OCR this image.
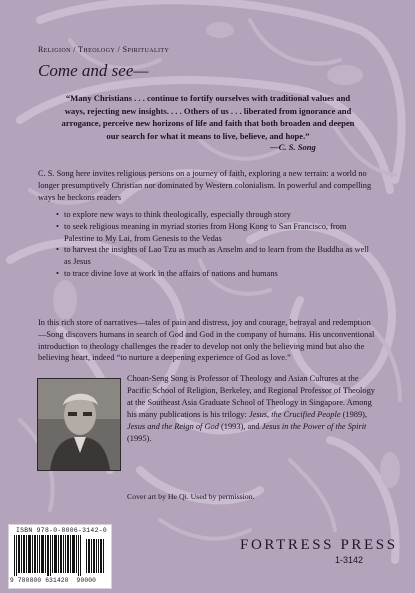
Religion / Theology / Spirituality
Come and see—
“Many Christians . . . continue to fortify ourselves with traditional values and ways, rejecting new insights. . . . Others of us . . . liberated from ignorance and arrogance, perceive new horizons of life and faith that both broaden and deepen our search for what it means to live, believe, and hope.”
—C. S. Song
C. S. Song here invites religious persons on a journey of faith, exploring a new terrain: a world no longer presumptively Christian nor dominated by Western colonialism. In powerful and compelling ways he beckons readers
• to explore new ways to think theologically, especially through story
• to seek religious meaning in myriad stories from Hong Kong to San Francisco, from Palestine to My Lai, from Genesis to the Vedas
• to harvest the insights of Lao Tzu as much as Anselm and to learn from the Buddha as well as Jesus
• to trace divine love at work in the affairs of nations and humans
In this rich store of narratives—tales of pain and distress, joy and courage, betrayal and redemption—Song discovers humans in search of God and God in the company of humans. His unconventional introduction to theology challenges the reader to develop not only the believing mind but also the believing heart, indeed “to nurture a deepening experience of God as love.”
Choan-Seng Song is Professor of Theology and Asian Cultures at the Pacific School of Religion, Berkeley, and Regional Professor of Theology at the Southeast Asia Graduate School of Theology in Singapore. Among his many publications is his trilogy: Jesus, the Crucified People (1989), Jesus and the Reign of God (1993), and Jesus in the Power of the Spirit (1995).
Cover art by He Qi. Used by permission.
ISBN 978-0-8006-3142-0
9 780800 631420 90000
FORTRESS PRESS
1-3142
